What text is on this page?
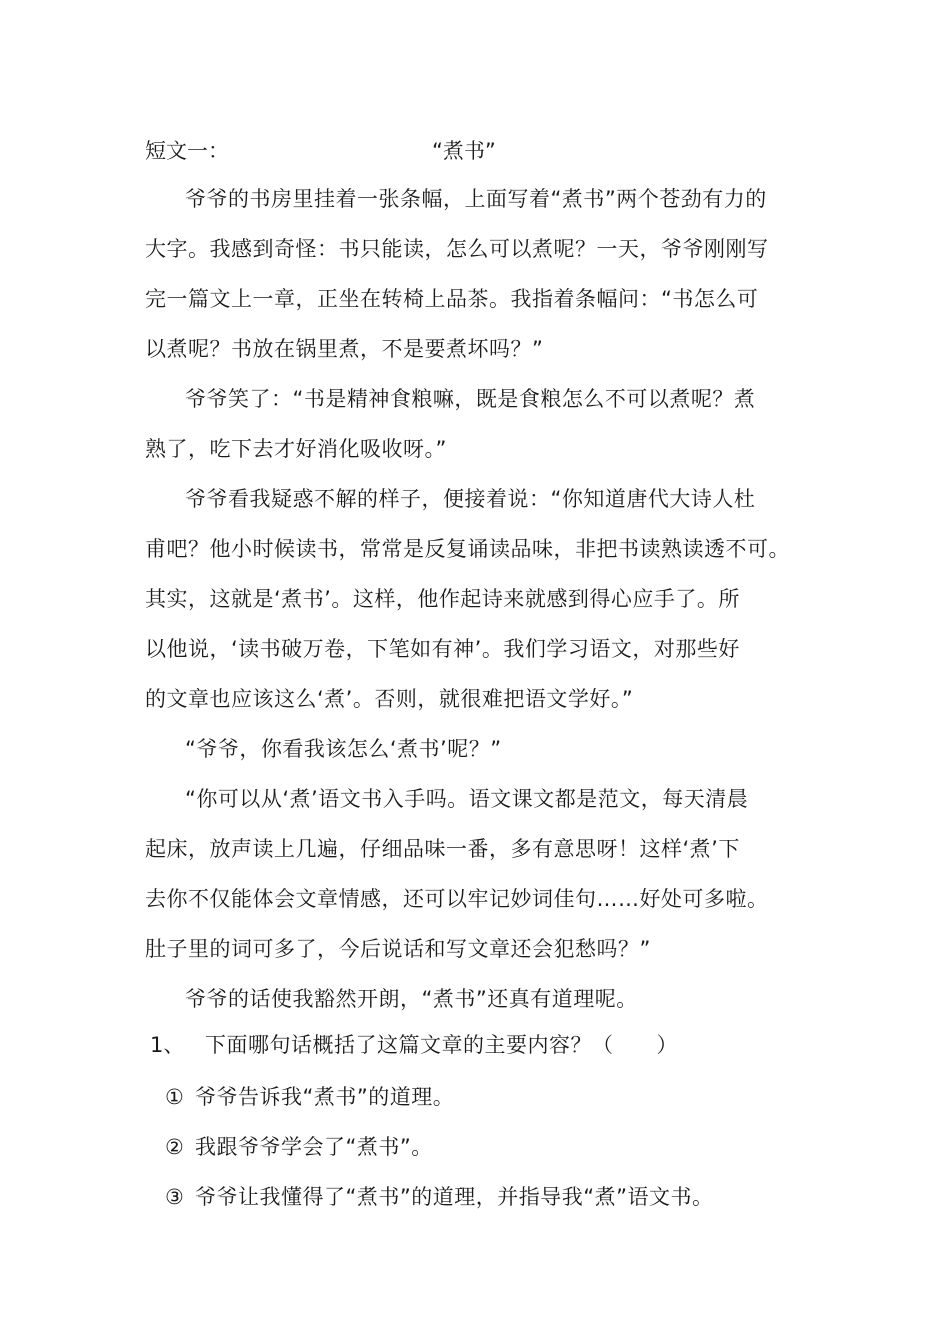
短文一：	“煮书”
爷爷的书房里挂着一张条幅，上面写着“煮书”两个苍劲有力的
大字。我感到奇怪：书只能读，怎么可以煮呢？一天，爷爷刚刚写
完一篇文上一章，正坐在转椅上品茶。我指着条幅问：“书怎么可
以煮呢？书放在锅里煮，不是要煮坏吗？”
爷爷笑了：“书是精神食粮嘛，既是食粮怎么不可以煮呢？煮
熟了，吃下去才好消化吸收呀。”
爷爷看我疑惑不解的样子，便接着说：“你知道唐代大诗人杜
甫吧？他小时候读书，常常是反复诵读品味，非把书读熟读透不可。
其实，这就是‘煮书’。这样，他作起诗来就感到得心应手了。所
以他说，‘读书破万卷，下笔如有神’。我们学习语文，对那些好
的文章也应该这么‘煮’。否则，就很难把语文学好。”
“爷爷，你看我该怎么‘煮书’呢？”
“你可以从‘煮’语文书入手吗。语文课文都是范文，每天清晨
起床，放声读上几遍，仔细品味一番，多有意思呀！这样‘煮’下
去你不仅能体会文章情感，还可以牢记妙词佳句……好处可多啦。
肚子里的词可多了，今后说话和写文章还会犯愁吗？”
爷爷的话使我豁然开朗，“煮书”还真有道理呢。
1、 下面哪句话概括了这篇文章的主要内容？（　　）
① 爷爷告诉我“煮书”的道理。
② 我跟爷爷学会了“煮书”。
③ 爷爷让我懂得了“煮书”的道理，并指导我“煮”语文书。
